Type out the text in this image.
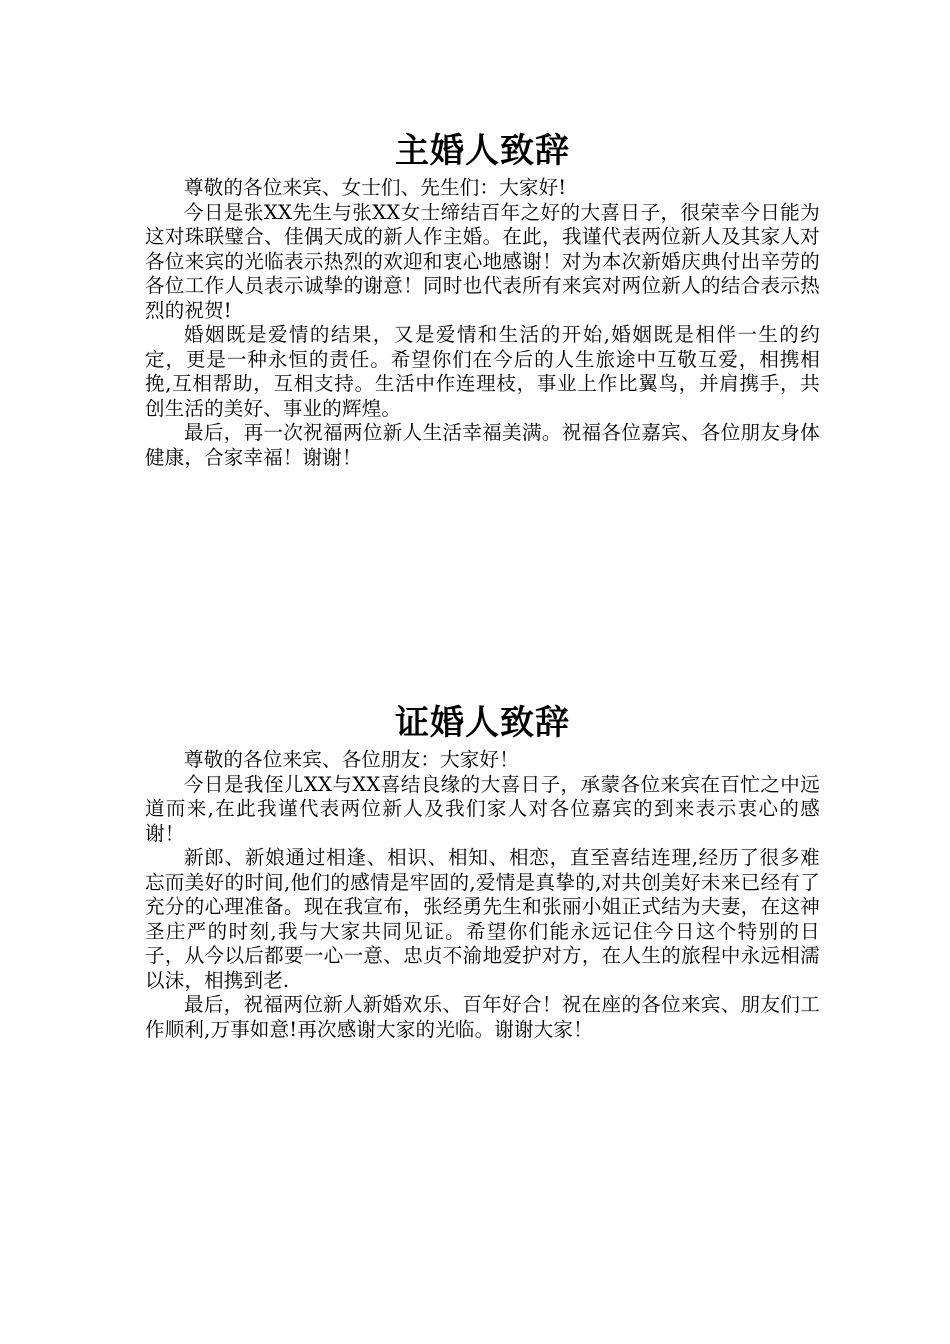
主婚人致辞

尊敬的各位来宾、女士们、先生们：大家好!

今日是张XX先生与张XX女士缔结百年之好的大喜日子，很荣幸今日能为这对珠联璧合、佳偶天成的新人作主婚。在此，我谨代表两位新人及其家人对各位来宾的光临表示热烈的欢迎和衷心地感谢！对为本次新婚庆典付出辛劳的各位工作人员表示诚挚的谢意！同时也代表所有来宾对两位新人的结合表示热烈的祝贺!

婚姻既是爱情的结果，又是爱情和生活的开始,婚姻既是相伴一生的约定，更是一种永恒的责任。希望你们在今后的人生旅途中互敬互爱，相携相挽,互相帮助，互相支持。生活中作连理枝，事业上作比翼鸟，并肩携手，共创生活的美好、事业的辉煌。

最后，再一次祝福两位新人生活幸福美满。祝福各位嘉宾、各位朋友身体健康，合家幸福！谢谢！

证婚人致辞

尊敬的各位来宾、各位朋友：大家好！

今日是我侄儿XX与XX喜结良缘的大喜日子，承蒙各位来宾在百忙之中远道而来,在此我谨代表两位新人及我们家人对各位嘉宾的到来表示衷心的感谢！

新郎、新娘通过相逢、相识、相知、相恋，直至喜结连理,经历了很多难忘而美好的时间,他们的感情是牢固的,爱情是真挚的,对共创美好未来已经有了充分的心理准备。现在我宣布，张经勇先生和张丽小姐正式结为夫妻，在这神圣庄严的时刻,我与大家共同见证。希望你们能永远记住今日这个特别的日子，从今以后都要一心一意、忠贞不渝地爱护对方，在人生的旅程中永远相濡以沫，相携到老.

最后，祝福两位新人新婚欢乐、百年好合！祝在座的各位来宾、朋友们工作顺利,万事如意!再次感谢大家的光临。谢谢大家！
